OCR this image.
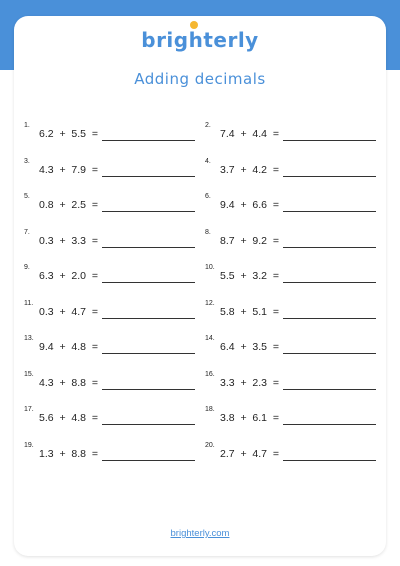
brighterly
Adding decimals
1.
6.2  +  5.5  =
2.
7.4  +  4.4  =
3.
4.3  +  7.9  =
4.
3.7  +  4.2  =
5.
0.8  +  2.5  =
6.
9.4  +  6.6  =
7.
0.3  +  3.3  =
8.
8.7  +  9.2  =
9.
6.3  +  2.0  =
10.
5.5  +  3.2  =
11.
0.3  +  4.7  =
12.
5.8  +  5.1  =
13.
9.4  +  4.8  =
14.
6.4  +  3.5  =
15.
4.3  +  8.8  =
16.
3.3  +  2.3  =
17.
5.6  +  4.8  =
18.
3.8  +  6.1  =
19.
1.3  +  8.8  =
20.
2.7  +  4.7  =
brighterly.com
